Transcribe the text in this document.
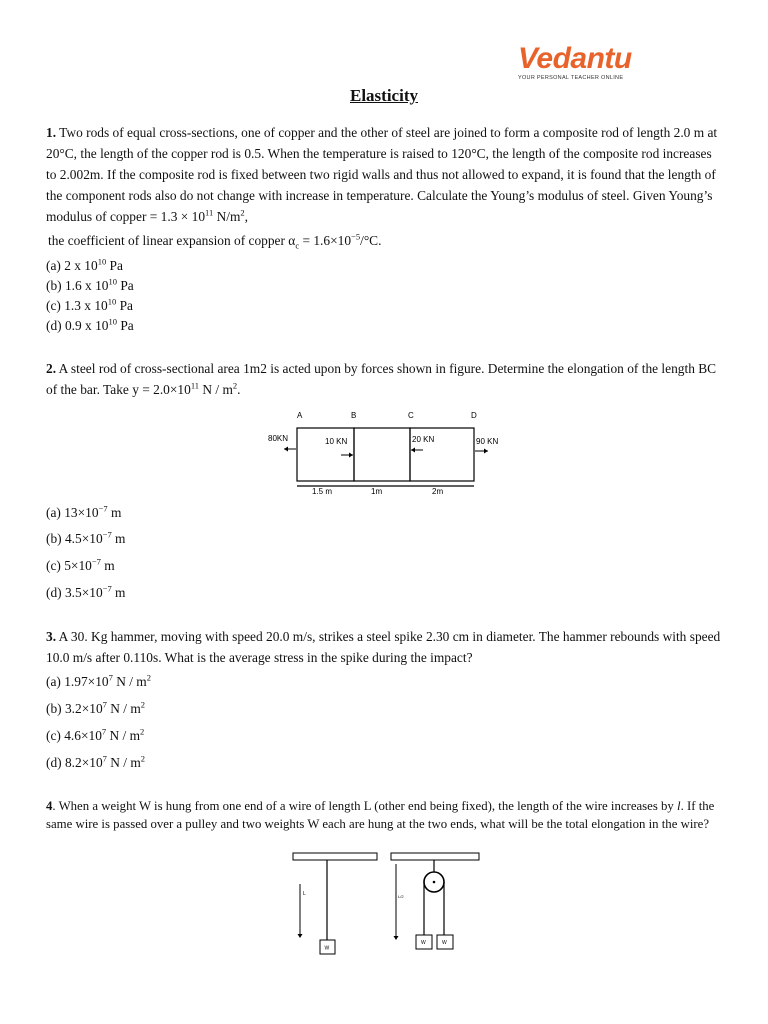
Vedantu
YOUR PERSONAL TEACHER ONLINE
Elasticity
1. Two rods of equal cross-sections, one of copper and the other of steel are joined to form a composite rod of length 2.0 m at 20°C, the length of the copper rod is 0.5. When the temperature is raised to 120°C, the length of the composite rod increases to 2.002m. If the composite rod is fixed between two rigid walls and thus not allowed to expand, it is found that the length of the component rods also do not change with increase in temperature. Calculate the Young’s modulus of steel. Given Young’s modulus of copper = $1.3 \times 10^{11}$ $N/m^2$,
the coefficient of linear expansion of copper $\alpha_c = 1.6\times 10^{-5}/^\circ C$.
(a) 2 x $10^{10}$ Pa
(b) 1.6 x $10^{10}$ Pa
(c) 1.3 x $10^{10}$ Pa
(d) 0.9 x $10^{10}$ Pa
2. A steel rod of cross-sectional area 1m2 is acted upon by forces shown in figure. Determine the elongation of the length BC of the bar. Take $y = 2.0\times 10^{11}$ N / $m^2$.
A	B	C	D
80KN	10 KN	20 KN	90 KN
1.5 m	1m	2m
(a) $13\times 10^{-7}$ m
(b) $4.5\times 10^{-7}$ m
(c) $5\times 10^{-7}$ m
(d) $3.5\times 10^{-7}$ m
3. A 30. Kg hammer, moving with speed 20.0 m/s, strikes a steel spike 2.30 cm in diameter. The hammer rebounds with speed 10.0 m/s after 0.110s. What is the average stress in the spike during the impact?
(a) $1.97\times 10^7$ N / $m^2$
(b) $3.2\times 10^7$ N / $m^2$
(c) $4.6\times 10^7$ N / $m^2$
(d) $8.2\times 10^7$ N / $m^2$
4. When a weight W is hung from one end of a wire of length L (other end being fixed), the length of the wire increases by l. If the same wire is passed over a pulley and two weights W each are hung at the two ends, what will be the total elongation in the wire?
L
W
L/2
W	W
